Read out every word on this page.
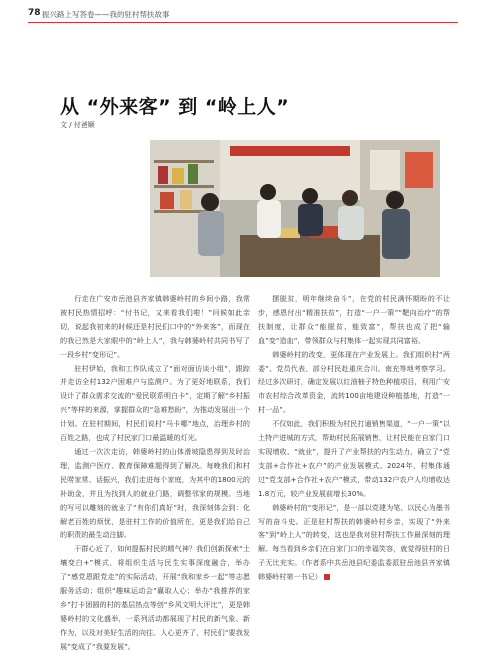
78 振兴路上写答卷——我的驻村帮扶故事
从 “外来客” 到 “岭上人”
文 / 付爸顺

行走在广安市岳池县齐家镇韩婆岭村的乡间小路，我常被村民热情招呼：“付书记，又来看我们啦！”问候如此亲切，说起我初来的时候还是村民们口中的“外来客”，而现在的我已然是大家眼中的“岭上人”，我与韩婆岭村共同书写了一段乡村“变形记”。

驻村伊始，我和工作队成立了“面对面访谈小组”，跟踪并走访全村132户困难户与监测户。为了更好地联系，我们设计了群众需求交流的“爱民联系明白卡”，定期了解“乡村振兴”等样的来源，掌握群众的“急难愁盼”，为推动发展出一个计划。在驻村期间，村民们说村“马卡哪”地点，治理乡村的百姓之路，也成了村民家门口最温暖的灯光。

通过一次次走访，韩婆岭村的山体滑坡隐患得到及时治理，监测户医疗、教育保障难题得到了解决。每晚我们和村民唠家常、话振兴，我们走进每个家庭，为其中的1800元的补助金，并且为找到人的就业门路，调整邻家的规模。当地的写可以雕刻的就业了“有你们真好”时，我深刻体会到：化解老百姓的烦忧，是驻村工作的价值所在，更是我们给自己的职责的最生动注脚。

干群心近了，如何提振村民的精气神？我们创新探索“土壤变白+”模式，将组织生活与民生实事深度融合，举办了“感党恩跟党走”的实际活动，开展“我和家乡一起”等志愿服务活动；组织“趣味运动会”赢取人心；举办“我推荐的家乡”打卡团圆的村的基层热点等创“乡风文明大评比”，更是韩婆岭村的文化盛举，一系列活动都展现了村民的新气象、新作为，以及对美好生活的向往。人心更齐了，村民们“要我发展”变成了“我要发展”。

摆脱贫，明年继续奋斗”，在党的村民满怀期盼的不让步，感恩付出“精准扶贫”，打造“一户一策”“靶向治疗”的帮扶制度，让群众“能脱贫、能致富”，帮扶也成了把“输血”变“造血”，带领群众与村集体一起实现共同富裕。

韩婆岭村的改变，更体现在产业发展上。我们组织村“两委”、党员代表、部分村民赴重庆合川、南充等地考察学习。经过多次研讨，确定发展以红油柚子特色种植项目，利用广安市农村综合改革资金，流转100亩地建设种植基地，打造“一村一品”。

不仅如此，我们积极为村民打通销售渠道，“一户一策”以土特产进城的方式，帮助村民拓展销售，让村民能在自家门口实现增收、“就业”，提升了产业帮扶的内生动力，确立了“党支部+合作社+农户”的产业发展模式。2024年，村集体通过“党支部+合作社+农户”模式，带动132户农户人均增收达1.8万元，较产业发展前增长30%。

韩婆岭村的“变形记”，是一部以党建为笔、以民心为墨书写的奋斗史。正是驻村帮扶的韩婆岭村乡亲，实现了“外来客”到“岭上人”的转变，这也是我对驻村帮扶工作最深刻的理解。每当看到乡亲们在自家门口的幸福笑容，就觉得驻村的日子无比充实。（作者系中共岳池县纪委监委派驻岳池县齐家镇韩婆岭村第一书记）
